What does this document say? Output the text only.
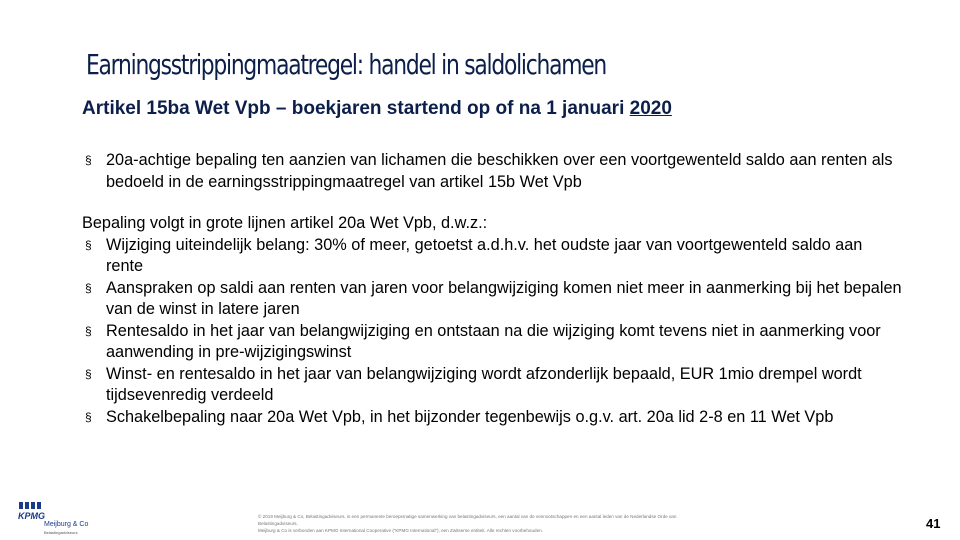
Earningsstrippingmaatregel: handel in saldolichamen
Artikel 15ba Wet Vpb – boekjaren startend op of na 1 januari 2020
§ 20a-achtige bepaling ten aanzien van lichamen die beschikken over een voortgewenteld saldo aan renten als bedoeld in de earningsstrippingmaatregel van artikel 15b Wet Vpb

Bepaling volgt in grote lijnen artikel 20a Wet Vpb, d.w.z.:

§ Wijziging uiteindelijk belang: 30% of meer, getoetst a.d.h.v. het oudste jaar van voortgewenteld saldo aan rente
§ Aanspraken op saldi aan renten van jaren voor belangwijziging komen niet meer in aanmerking bij het bepalen van de winst in latere jaren
§ Rentesaldo in het jaar van belangwijziging en ontstaan na die wijziging komt tevens niet in aanmerking voor aanwending in pre-wijzigingswinst
§ Winst- en rentesaldo in het jaar van belangwijziging wordt afzonderlijk bepaald, EUR 1mio drempel wordt tijdsevenredig verdeeld
§ Schakelbepaling naar 20a Wet Vpb, in het bijzonder tegenbewijs o.g.v. art. 20a lid 2-8 en 11 Wet Vpb
KPMG
Meijburg & Co
Belastingadviseurs
© 2019 Meijburg & Co, Belastingadviseurs, is een permanente beroepsmatige samenwerking van belastingadviseurs, een aantal van de vennootschappen en een aantal leden van de Nederlandse Orde van Belastingadviseurs.
Meijburg & Co is verbonden aan KPMG International Cooperative (“KPMG International”), een Zwitserse entiteit. Alle rechten voorbehouden.	41
